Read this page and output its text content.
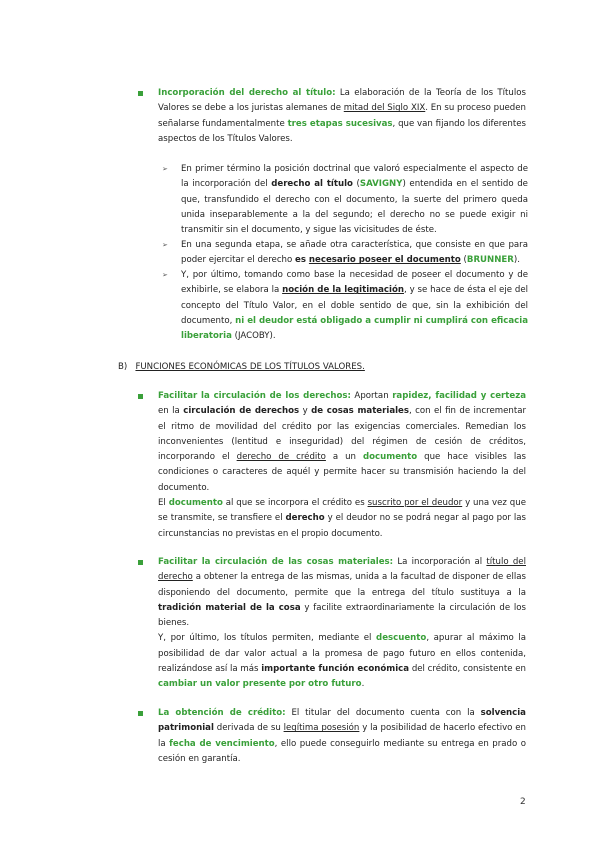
Incorporación del derecho al título: La elaboración de la Teoría de los Títulos Valores se debe a los juristas alemanes de mitad del Siglo XIX. En su proceso pueden señalarse fundamentalmente tres etapas sucesivas, que van fijando los diferentes aspectos de los Títulos Valores.

➢ En primer término la posición doctrinal que valoró especialmente el aspecto de la incorporación del derecho al título (SAVIGNY) entendida en el sentido de que, transfundido el derecho con el documento, la suerte del primero queda unida inseparablemente a la del segundo; el derecho no se puede exigir ni transmitir sin el documento, y sigue las vicisitudes de éste.

➢ En una segunda etapa, se añade otra característica, que consiste en que para poder ejercitar el derecho es necesario poseer el documento (BRUNNER).

➢ Y, por último, tomando como base la necesidad de poseer el documento y de exhibirle, se elabora la noción de la legitimación, y se hace de ésta el eje del concepto del Título Valor, en el doble sentido de que, sin la exhibición del documento, ni el deudor está obligado a cumplir ni cumplirá con eficacia liberatoria (JACOBY).

B) FUNCIONES ECONÓMICAS DE LOS TÍTULOS VALORES.

Facilitar la circulación de los derechos: Aportan rapidez, facilidad y certeza en la circulación de derechos y de cosas materiales, con el fin de incrementar el ritmo de movilidad del crédito por las exigencias comerciales. Remedian los inconvenientes (lentitud e inseguridad) del régimen de cesión de créditos, incorporando el derecho de crédito a un documento que hace visibles las condiciones o caracteres de aquél y permite hacer su transmisión haciendo la del documento.

El documento al que se incorpora el crédito es suscrito por el deudor y una vez que se transmite, se transfiere el derecho y el deudor no se podrá negar al pago por las circunstancias no previstas en el propio documento.

Facilitar la circulación de las cosas materiales: La incorporación al título del derecho a obtener la entrega de las mismas, unida a la facultad de disponer de ellas disponiendo del documento, permite que la entrega del título sustituya a la tradición material de la cosa y facilite extraordinariamente la circulación de los bienes.

Y, por último, los títulos permiten, mediante el descuento, apurar al máximo la posibilidad de dar valor actual a la promesa de pago futuro en ellos contenida, realizándose así la más importante función económica del crédito, consistente en cambiar un valor presente por otro futuro.

La obtención de crédito: El titular del documento cuenta con la solvencia patrimonial derivada de su legítima posesión y la posibilidad de hacerlo efectivo en la fecha de vencimiento, ello puede conseguirlo mediante su entrega en prado o cesión en garantía.

2
